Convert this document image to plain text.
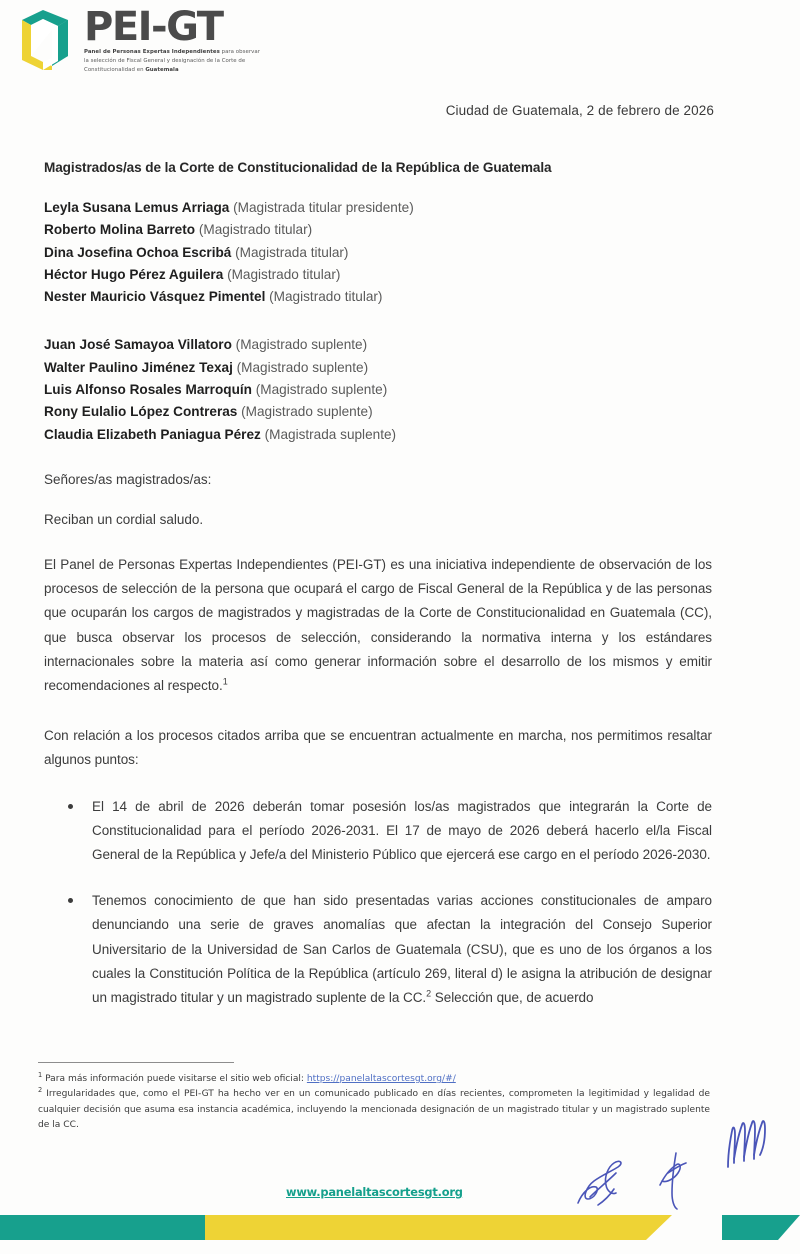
PEI-GT
Panel de Personas Expertas Independientes para observar la selección de Fiscal General y designación de la Corte de Constitucionalidad en Guatemala
Ciudad de Guatemala, 2 de febrero de 2026
Magistrados/as de la Corte de Constitucionalidad de la República de Guatemala
Leyla Susana Lemus Arriaga (Magistrada titular presidente)
Roberto Molina Barreto (Magistrado titular)
Dina Josefina Ochoa Escribá (Magistrada titular)
Héctor Hugo Pérez Aguilera (Magistrado titular)
Nester Mauricio Vásquez Pimentel (Magistrado titular)
Juan José Samayoa Villatoro (Magistrado suplente)
Walter Paulino Jiménez Texaj (Magistrado suplente)
Luis Alfonso Rosales Marroquín (Magistrado suplente)
Rony Eulalio López Contreras (Magistrado suplente)
Claudia Elizabeth Paniagua Pérez (Magistrada suplente)
Señores/as magistrados/as:
Reciban un cordial saludo.

El Panel de Personas Expertas Independientes (PEI-GT) es una iniciativa independiente de observación de los procesos de selección de la persona que ocupará el cargo de Fiscal General de la República y de las personas que ocuparán los cargos de magistrados y magistradas de la Corte de Constitucionalidad en Guatemala (CC), que busca observar los procesos de selección, considerando la normativa interna y los estándares internacionales sobre la materia así como generar información sobre el desarrollo de los mismos y emitir recomendaciones al respecto.$^1$

Con relación a los procesos citados arriba que se encuentran actualmente en marcha, nos permitimos resaltar algunos puntos:

El 14 de abril de 2026 deberán tomar posesión los/as magistrados que integrarán la Corte de Constitucionalidad para el período 2026-2031. El 17 de mayo de 2026 deberá hacerlo el/la Fiscal General de la República y Jefe/a del Ministerio Público que ejercerá ese cargo en el período 2026-2030.
Tenemos conocimiento de que han sido presentadas varias acciones constitucionales de amparo denunciando una serie de graves anomalías que afectan la integración del Consejo Superior Universitario de la Universidad de San Carlos de Guatemala (CSU), que es uno de los órganos a los cuales la Constitución Política de la República (artículo 269, literal d) le asigna la atribución de designar un magistrado titular y un magistrado suplente de la CC.$^2$ Selección que, de acuerdo
$^1$ Para más información puede visitarse el sitio web oficial: https://panelaltascortesgt.org/#/
$^2$ Irregularidades que, como el PEI-GT ha hecho ver en un comunicado publicado en días recientes, comprometen la legitimidad y legalidad de cualquier decisión que asuma esa instancia académica, incluyendo la mencionada designación de un magistrado titular y un magistrado suplente de la CC.
www.panelaltascortesgt.org
